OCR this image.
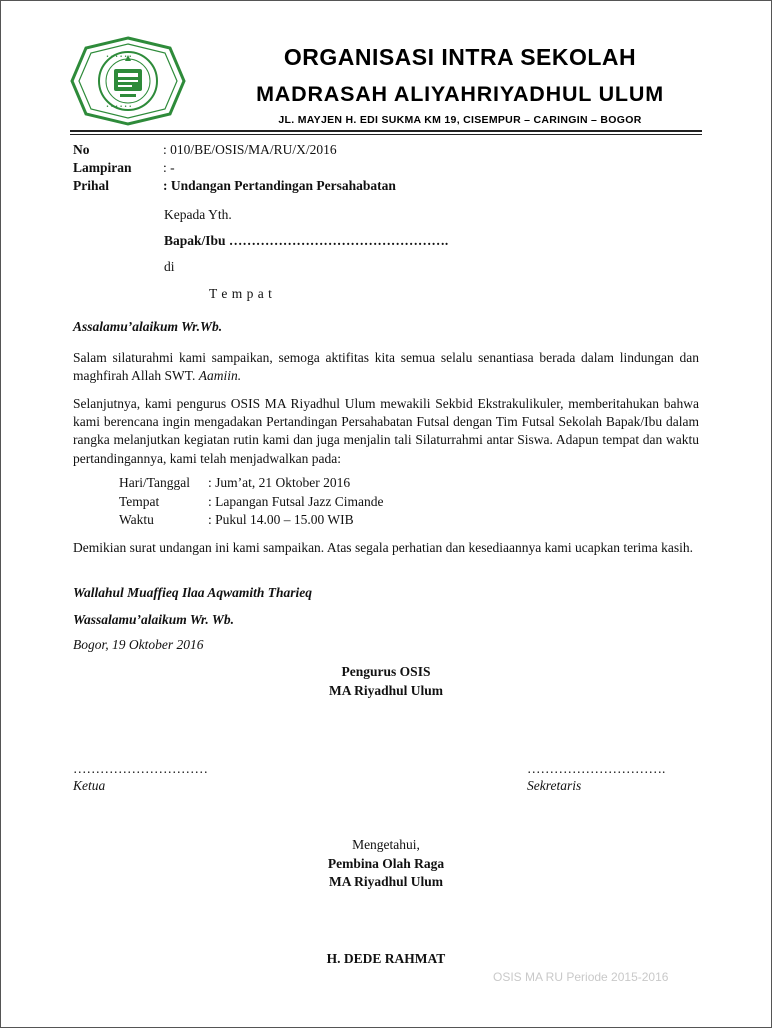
• • • • • •
• • • • • •
ORGANISASI INTRA SEKOLAH
MADRASAH ALIYAHRIYADHUL ULUM
JL. MAYJEN H. EDI SUKMA KM 19, CISEMPUR – CARINGIN – BOGOR
No	: 010/BE/OSIS/MA/RU/X/2016
Lampiran : -
Prihal	: Undangan Pertandingan Persahabatan
Kepada Yth.
Bapak/Ibu ………………………………………….
di
T e m p a t
Assalamu’alaikum Wr.Wb.
Salam silaturahmi kami sampaikan, semoga aktifitas kita semua selalu senantiasa berada dalam lindungan dan maghfirah Allah SWT. Aamiin.
Selanjutnya, kami pengurus OSIS MA Riyadhul Ulum mewakili Sekbid Ekstrakulikuler, memberitahukan bahwa kami berencana ingin mengadakan Pertandingan Persahabatan Futsal dengan Tim Futsal Sekolah Bapak/Ibu dalam rangka melanjutkan kegiatan rutin kami dan juga menjalin tali Silaturrahmi antar Siswa. Adapun tempat dan waktu pertandingannya, kami telah menjadwalkan pada:
Hari/Tanggal : Jum’at, 21 Oktober 2016
Tempat	: Lapangan Futsal Jazz Cimande
Waktu	: Pukul 14.00 – 15.00 WIB
Demikian surat undangan ini kami sampaikan. Atas segala perhatian dan kesediaannya kami ucapkan terima kasih.
Wallahul Muaffieq Ilaa Aqwamith Tharieq
Wassalamu’alaikum Wr. Wb.
Bogor, 19 Oktober 2016
Pengurus OSIS
MA Riyadhul Ulum
…………………………
Ketua
………………………….
Sekretaris
Mengetahui,
Pembina Olah Raga
MA Riyadhul Ulum
H. DEDE RAHMAT
OSIS MA RU Periode 2015-2016
